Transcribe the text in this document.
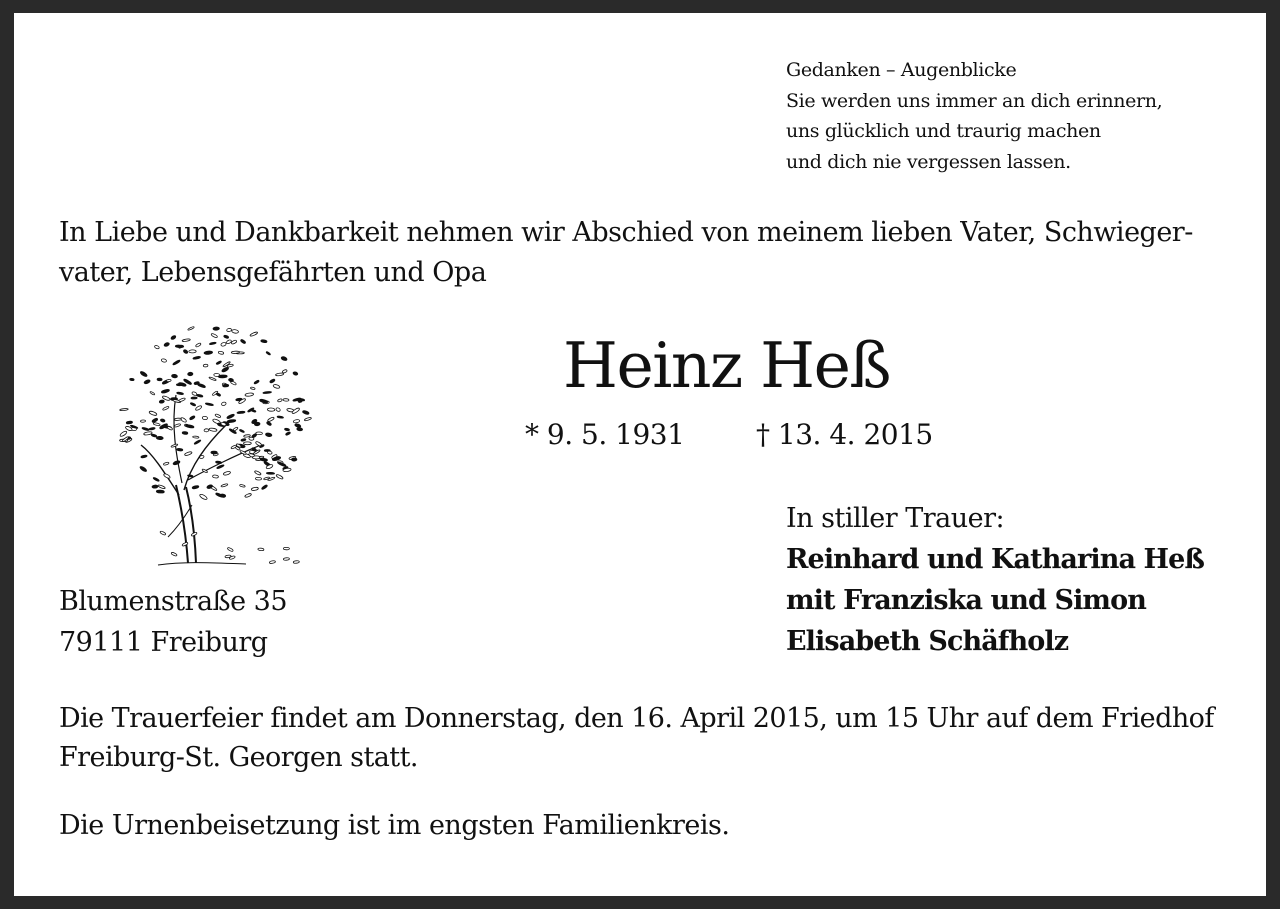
Gedanken – Augenblicke
Sie werden uns immer an dich erinnern,
uns glücklich und traurig machen
und dich nie vergessen lassen.
In Liebe und Dankbarkeit nehmen wir Abschied von meinem lieben Vater, Schwieger-
vater, Lebensgefährten und Opa
Heinz Heß
* 9. 5. 1931	† 13. 4. 2015
In stiller Trauer:
Reinhard und Katharina Heß
mit Franziska und Simon
Elisabeth Schäfholz
Blumenstraße 35
79111 Freiburg
Die Trauerfeier findet am Donnerstag, den 16. April 2015, um 15 Uhr auf dem Friedhof
Freiburg-St. Georgen statt.
Die Urnenbeisetzung ist im engsten Familienkreis.
